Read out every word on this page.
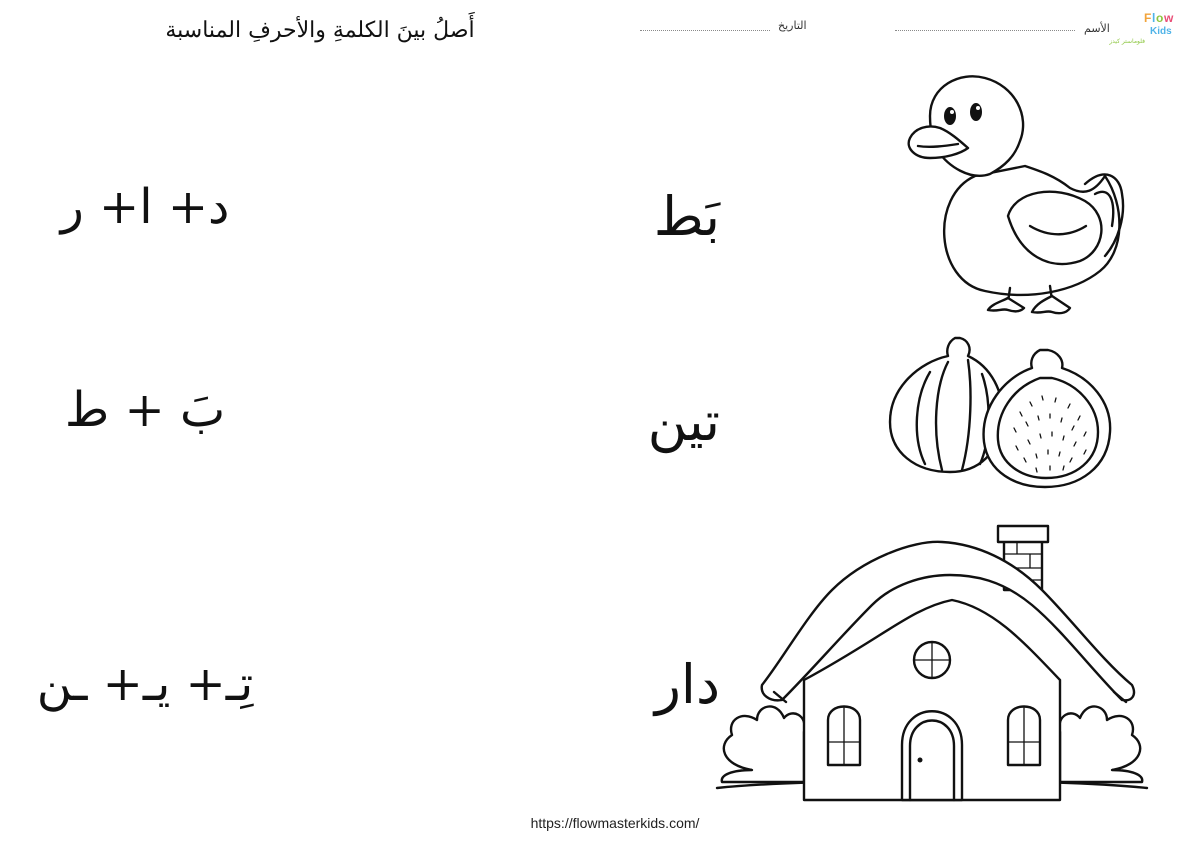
أَصلُ بينَ الكلمةِ والأحرفِ المناسبة	التاريخ	الأسم
F l o w
Kids
فلوماستر كيدز
بَط
تين
دار
د+ ا+ ر
بَ + ط
تِـ+ يـ+ ـن
https://flowmasterkids.com/
